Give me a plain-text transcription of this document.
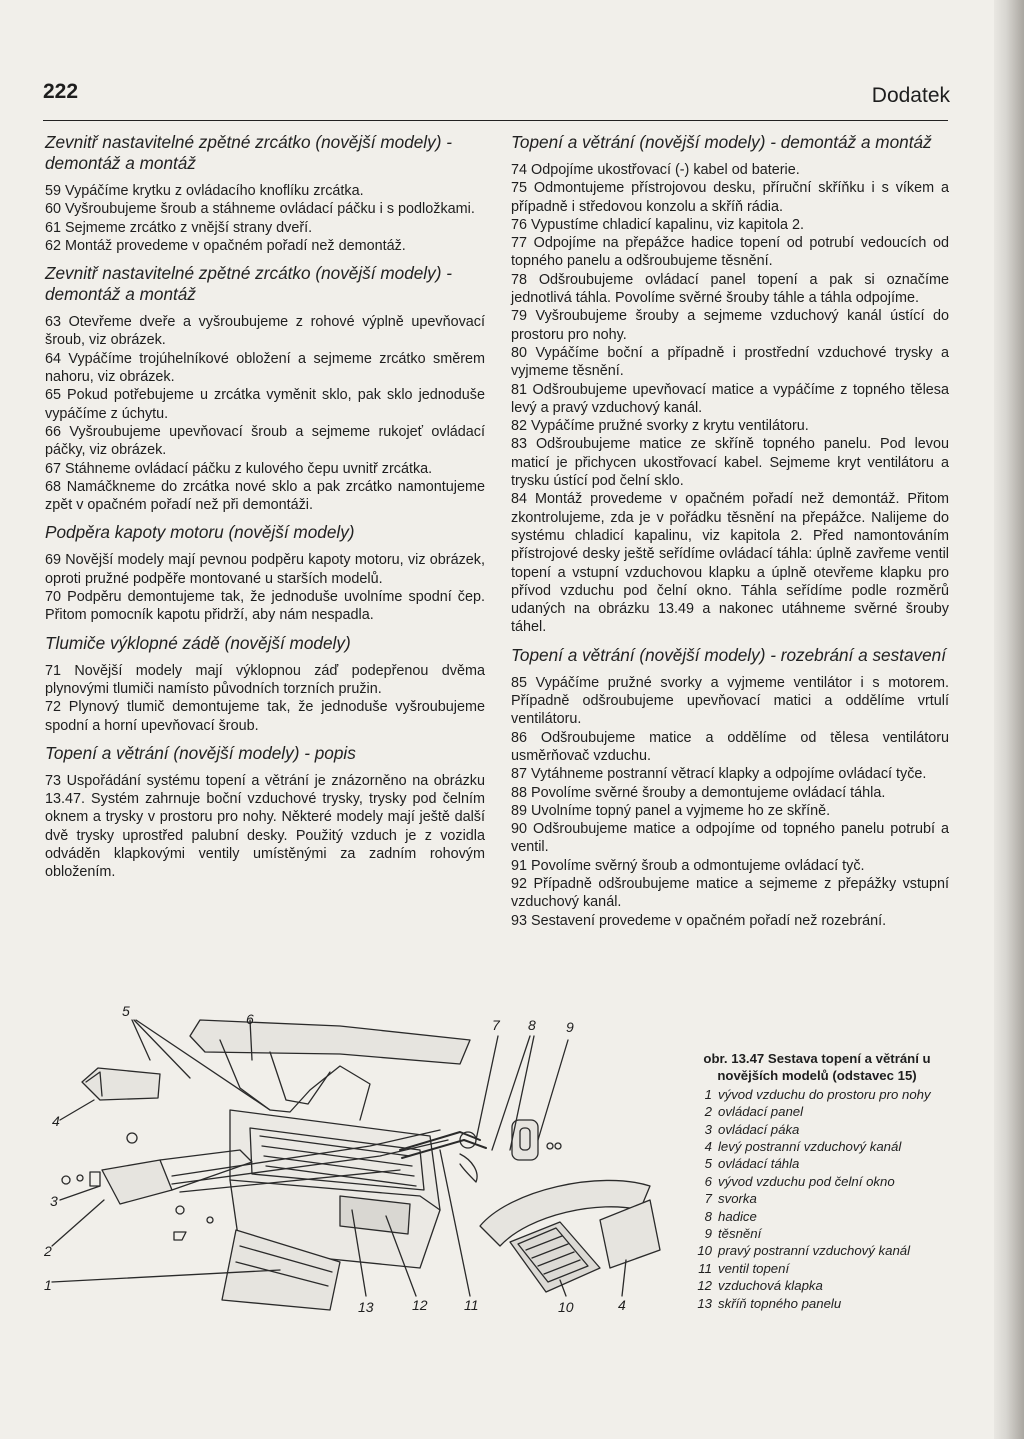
222	Dodatek
Zevnitř nastavitelné zpětné zrcátko (novější modely) - demontáž a montáž

59 Vypáčíme krytku z ovládacího knoflíku zrcátka.

60 Vyšroubujeme šroub a stáhneme ovládací páčku i s podložkami.

61 Sejmeme zrcátko z vnější strany dveří.

62 Montáž provedeme v opačném pořadí než demontáž.

Zevnitř nastavitelné zpětné zrcátko (novější modely) - demontáž a montáž

63 Otevřeme dveře a vyšroubujeme z rohové výplně upevňovací šroub, viz obrázek.

64 Vypáčíme trojúhelníkové obložení a sejmeme zrcátko směrem nahoru, viz obrázek.

65 Pokud potřebujeme u zrcátka vyměnit sklo, pak sklo jednoduše vypáčíme z úchytu.

66 Vyšroubujeme upevňovací šroub a sejmeme rukojeť ovládací páčky, viz obrázek.

67 Stáhneme ovládací páčku z kulového čepu uvnitř zrcátka.

68 Namáčkneme do zrcátka nové sklo a pak zrcátko namontujeme zpět v opačném pořadí než při demontáži.

Podpěra kapoty motoru (novější modely)

69 Novější modely mají pevnou podpěru kapoty motoru, viz obrázek, oproti pružné podpěře montované u starších modelů.

70 Podpěru demontujeme tak, že jednoduše uvolníme spodní čep. Přitom pomocník kapotu přidrží, aby nám nespadla.

Tlumiče výklopné zádě (novější modely)

71 Novější modely mají výklopnou záď podepřenou dvěma plynovými tlumiči namísto původních torzních pružin.

72 Plynový tlumič demontujeme tak, že jednoduše vyšroubujeme spodní a horní upevňovací šroub.

Topení a větrání (novější modely) - popis

73 Uspořádání systému topení a větrání je znázorněno na obrázku 13.47. Systém zahrnuje boční vzduchové trysky, trysky pod čelním oknem a trysky v prostoru pro nohy. Některé modely mají ještě další dvě trysky uprostřed palubní desky. Použitý vzduch je z vozidla odváděn klapkovými ventily umístěnými za zadním rohovým obložením.

Topení a větrání (novější modely) - demontáž a montáž

74 Odpojíme ukostřovací (-) kabel od baterie.

75 Odmontujeme přístrojovou desku, příruční skříňku i s víkem a případně i středovou konzolu a skříň rádia.

76 Vypustíme chladicí kapalinu, viz kapitola 2.

77 Odpojíme na přepážce hadice topení od potrubí vedoucích od topného panelu a odšroubujeme těsnění.

78 Odšroubujeme ovládací panel topení a pak si označíme jednotlivá táhla. Povolíme svěrné šrouby táhle a táhla odpojíme.

79 Vyšroubujeme šrouby a sejmeme vzduchový kanál ústící do prostoru pro nohy.

80 Vypáčíme boční a případně i prostřední vzduchové trysky a vyjmeme těsnění.

81 Odšroubujeme upevňovací matice a vypáčíme z topného tělesa levý a pravý vzduchový kanál.

82 Vypáčíme pružné svorky z krytu ventilátoru.

83 Odšroubujeme matice ze skříně topného panelu. Pod levou maticí je přichycen ukostřovací kabel. Sejmeme kryt ventilátoru a trysku ústící pod čelní sklo.

84 Montáž provedeme v opačném pořadí než demontáž. Přitom zkontrolujeme, zda je v pořádku těsnění na přepážce. Nalijeme do systému chladicí kapalinu, viz kapitola 2. Před namontováním přístrojové desky ještě seřídíme ovládací táhla: úplně zavřeme ventil topení a vstupní vzduchovou klapku a úplně otevřeme klapku pro přívod vzduchu pod čelní okno. Táhla seřídíme podle rozměrů udaných na obrázku 13.49 a nakonec utáhneme svěrné šrouby táhel.

Topení a větrání (novější modely) - rozebrání a sestavení

85 Vypáčíme pružné svorky a vyjmeme ventilátor i s motorem. Případně odšroubujeme upevňovací matici a oddělíme vrtulí ventilátoru.

86 Odšroubujeme matice a oddělíme od tělesa ventilátoru usměrňovač vzduchu.

87 Vytáhneme postranní větrací klapky a odpojíme ovládací tyče.

88 Povolíme svěrné šrouby a demontujeme ovládací táhla.

89 Uvolníme topný panel a vyjmeme ho ze skříně.

90 Odšroubujeme matice a odpojíme od topného panelu potrubí a ventil.

91 Povolíme svěrný šroub a odmontujeme ovládací tyč.

92 Případně odšroubujeme matice a sejmeme z přepážky vstupní vzduchový kanál.

93 Sestavení provedeme v opačném pořadí než rozebrání.

5	6	7 8 9
4
3
2
1
13	12	11	10	4
obr. 13.47 Sestava topení a větrání u novějších modelů (odstavec 15)
1 vývod vzduchu do prostoru pro nohy
2 ovládací panel
3 ovládací páka
4 levý postranní vzduchový kanál
5 ovládací táhla
6 vývod vzduchu pod čelní okno
7 svorka
8 hadice
9 těsnění
10 pravý postranní vzduchový kanál
11 ventil topení
12 vzduchová klapka
13 skříň topného panelu
